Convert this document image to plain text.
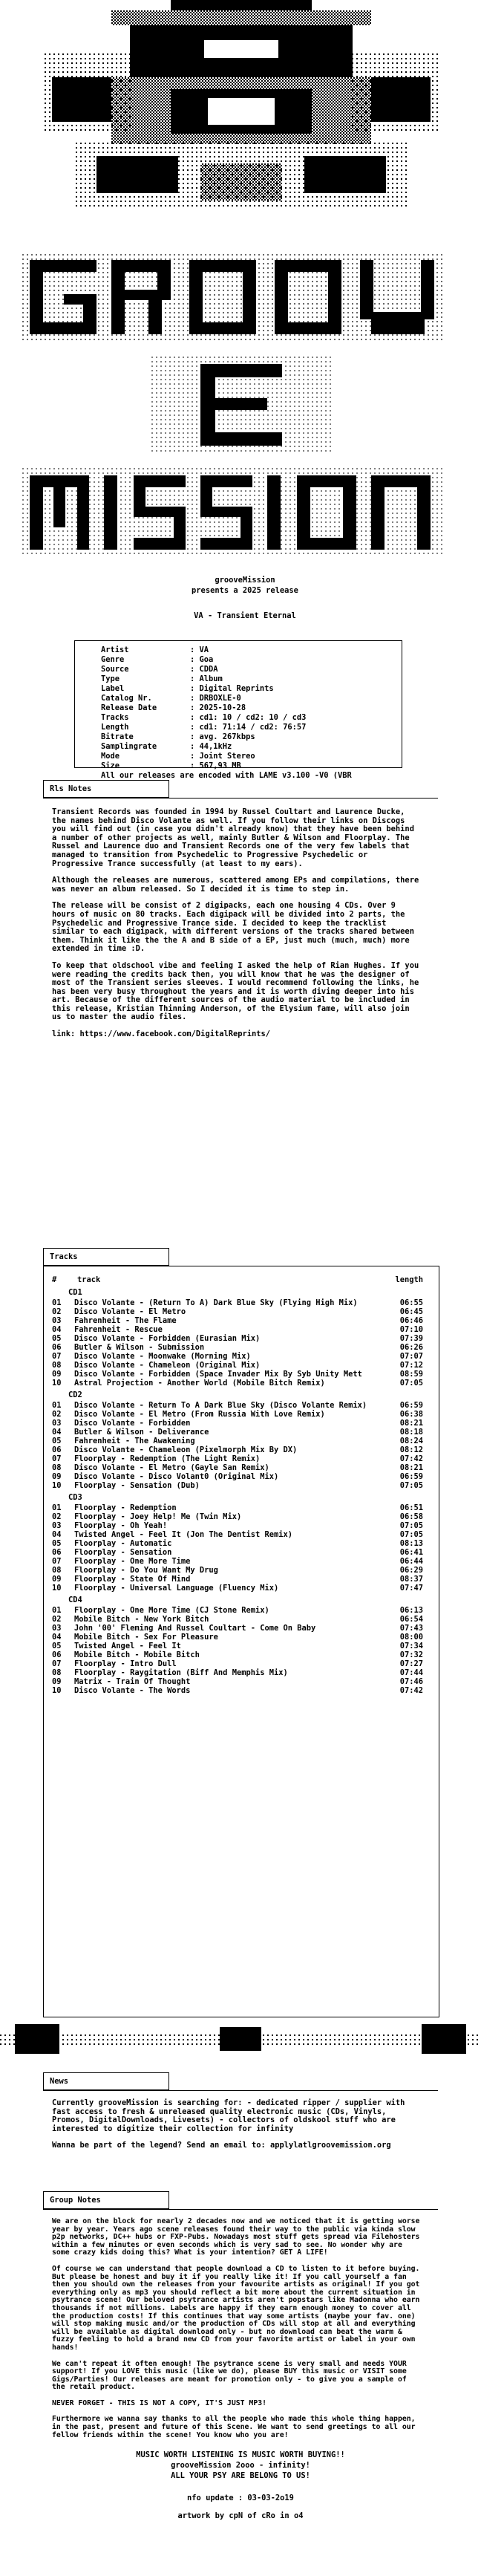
grooveMission
presents a 2025 release
VA - Transient Eternal
Artist	: VA
Genre	: Goa
Source	: CDDA
Type	: Album
Label	: Digital Reprints
Catalog Nr.	: DRBOXLE-0
Release Date	: 2025-10-28
Tracks	: cd1: 10 / cd2: 10 / cd3
Length	: cd1: 71:14 / cd2: 76:57
Bitrate	: avg. 267kbps
Samplingrate	: 44,1kHz
Mode	: Joint Stereo
Size	: 567,93 MB
All our releases are encoded with LAME v3.100 -V0 (VBR
Rls Notes

Transient Records was founded in 1994 by Russel Coultart and Laurence Ducke, the names behind Disco Volante as well. If you follow their links on Discogs you will find out (in case you didn't already know) that they have been behind a number of other projects as well, mainly Butler & Wilson and Floorplay. The Russel and Laurence duo and Transient Records one of the very few labels that managed to transition from Psychedelic to Progressive Psychedelic or Progressive Trance successfully (at least to my ears).

Although the releases are numerous, scattered among EPs and compilations, there was never an album released. So I decided it is time to step in.

The release will be consist of 2 digipacks, each one housing 4 CDs. Over 9 hours of music on 80 tracks. Each digipack will be divided into 2 parts, the Psychedelic and Progressive Trance side. I decided to keep the tracklist similar to each digipack, with different versions of the tracks shared between them. Think it like the the A and B side of a EP, just much (much, much) more extended in time :D.

To keep that oldschool vibe and feeling I asked the help of Rian Hughes. If you were reading the credits back then, you will know that he was the designer of most of the Transient series sleeves. I would recommend following the links, he has been very busy throughout the years and it is worth diving deeper into his art. Because of the different sources of the audio material to be included in this release, Kristian Thinning Anderson, of the Elysium fame, will also join us to master the audio files.

link: https://www.facebook.com/DigitalReprints/

Tracks
#	track	length
CD1
01	Disco Volante - (Return To A) Dark Blue Sky (Flying High Mix)	06:55
02	Disco Volante - El Metro	06:45
03	Fahrenheit - The Flame	06:46
04	Fahrenheit - Rescue	07:10
05	Disco Volante - Forbidden (Eurasian Mix)	07:39
06	Butler & Wilson - Submission	06:26
07	Disco Volante - Moonwake (Morning Mix)	07:07
08	Disco Volante - Chameleon (Original Mix)	07:12
09	Disco Volante - Forbidden (Space Invader Mix By Syb Unity Mett	08:59
10	Astral Projection - Another World (Mobile Bitch Remix)	07:05
CD2
01	Disco Volante - Return To A Dark Blue Sky (Disco Volante Remix)	06:59
02	Disco Volante - El Metro (From Russia With Love Remix)	06:38
03	Disco Volante - Forbidden	08:21
04	Butler & Wilson - Deliverance	08:18
05	Fahrenheit - The Awakening	08:24
06	Disco Volante - Chameleon (Pixelmorph Mix By DX)	08:12
07	Floorplay - Redemption (The Light Remix)	07:42
08	Disco Volante - El Metro (Gayle San Remix)	08:21
09	Disco Volante - Disco Volant0 (Original Mix)	06:59
10	Floorplay - Sensation (Dub)	07:05
CD3
01	Floorplay - Redemption	06:51
02	Floorplay - Joey Help! Me (Twin Mix)	06:58
03	Floorplay - Oh Yeah!	07:05
04	Twisted Angel - Feel It (Jon The Dentist Remix)	07:05
05	Floorplay - Automatic	08:13
06	Floorplay - Sensation	06:41
07	Floorplay - One More Time	06:44
08	Floorplay - Do You Want My Drug	06:29
09	Floorplay - State Of Mind	08:37
10	Floorplay - Universal Language (Fluency Mix)	07:47
CD4
01	Floorplay - One More Time (CJ Stone Remix)	06:13
02	Mobile Bitch - New York Bitch	06:54
03	John '00' Fleming And Russel Coultart - Come On Baby	07:43
04	Mobile Bitch - Sex For Pleasure	08:00
05	Twisted Angel - Feel It	07:34
06	Mobile Bitch - Mobile Bitch	07:32
07	Floorplay - Intro Dull	07:27
08	Floorplay - Raygitation (Biff And Memphis Mix)	07:44
09	Matrix - Train Of Thought	07:46
10	Disco Volante - The Words	07:42
News

Currently grooveMission is searching for: - dedicated ripper / supplier with fast access to fresh & unreleased quality electronic music (CDs, Vinyls, Promos, DigitalDownloads, Livesets) - collectors of oldskool stuff who are interested to digitize their collection for infinity

Wanna be part of the legend? Send an email to: applylatlgroovemission.org

Group Notes

We are on the block for nearly 2 decades now and we noticed that it is getting worse year by year. Years ago scene releases found their way to the public via kinda slow p2p networks, DC++ hubs or FXP-Pubs. Nowadays most stuff gets spread via Filehosters within a few minutes or even seconds which is very sad to see. No wonder why are some crazy kids doing this? What is your intention? GET A LIFE!

Of course we can understand that people download a CD to listen to it before buying. But please be honest and buy it if you really like it! If you call yourself a fan then you should own the releases from your favourite artists as original! If you got everything only as mp3 you should reflect a bit more about the current situation in psytrance scene! Our beloved psytrance artists aren't popstars like Madonna who earn thousands if not millions. Labels are happy if they earn enough money to cover all the production costs! If this continues that way some artists (maybe your fav. one) will stop making music and/or the production of CDs will stop at all and everything will be available as digital download only - but no download can beat the warm & fuzzy feeling to hold a brand new CD from your favorite artist or label in your own hands!

We can't repeat it often enough! The psytrance scene is very small and needs YOUR support! If you LOVE this music (like we do), please BUY this music or VISIT some Gigs/Parties! Our releases are meant for promotion only - to give you a sample of the retail product.

NEVER FORGET - THIS IS NOT A COPY, IT'S JUST MP3!

Furthermore we wanna say thanks to all the people who made this whole thing happen, in the past, present and future of this Scene. We want to send greetings to all our fellow friends within the scene! You know who you are!

MUSIC WORTH LISTENING IS MUSIC WORTH BUYING!!
grooveMission 2ooo - infinity!
ALL YOUR PSY ARE BELONG TO US!
nfo update : 03-03-2o19
artwork by cpN of cRo in o4
